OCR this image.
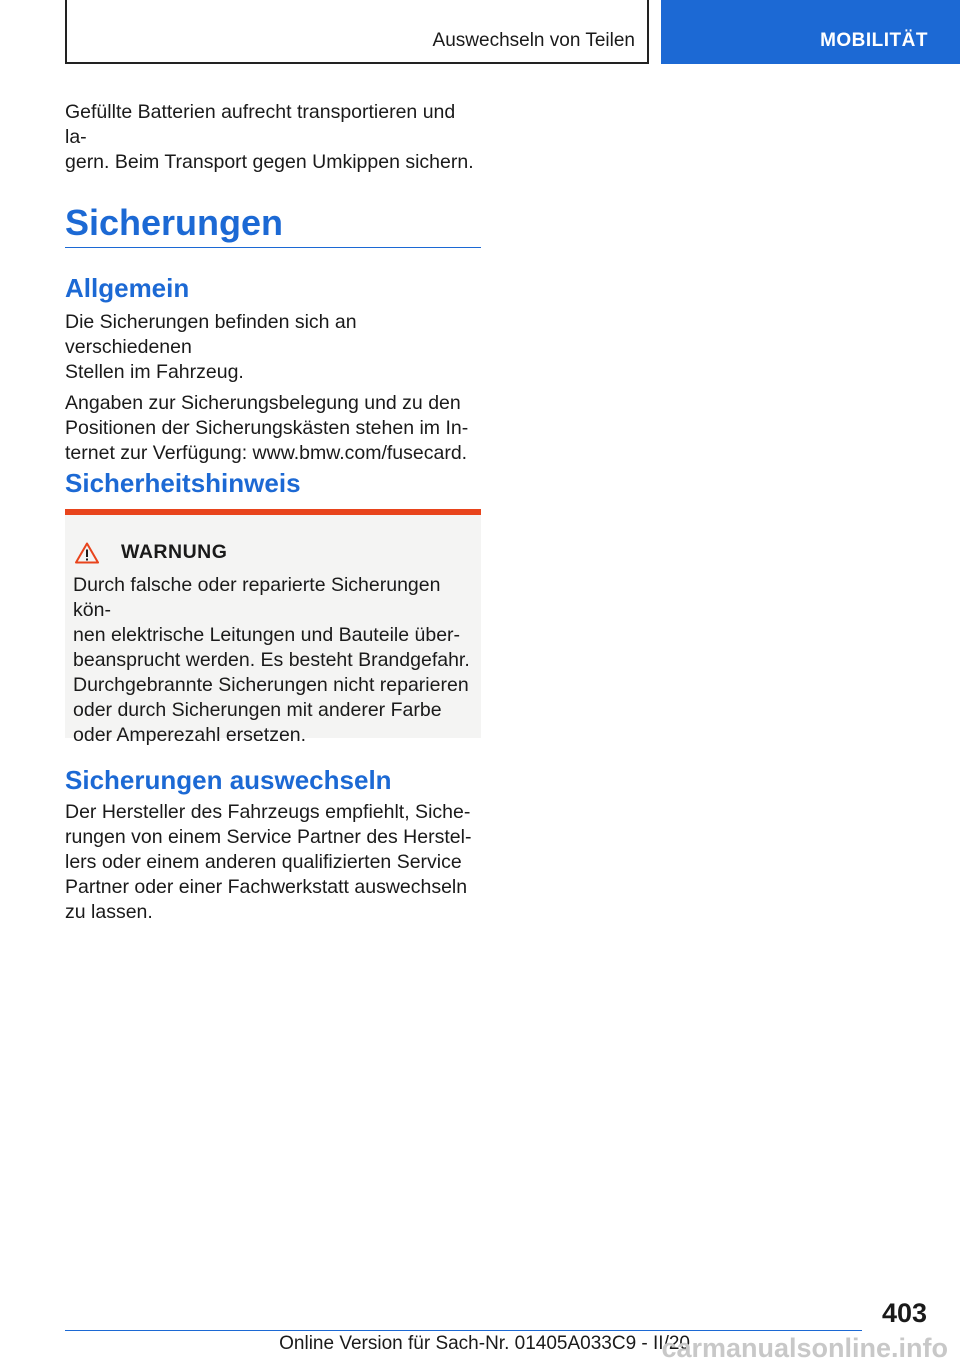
Auswechseln von Teilen	MOBILITÄT

Gefüllte Batterien aufrecht transportieren und la-
gern. Beim Transport gegen Umkippen sichern.

Sicherungen
Allgemein

Die Sicherungen befinden sich an verschiedenen
Stellen im Fahrzeug.

Angaben zur Sicherungsbelegung und zu den
Positionen der Sicherungskästen stehen im In-
ternet zur Verfügung: www.bmw.com/fusecard.

Sicherheitshinweis
WARNUNG

Durch falsche oder reparierte Sicherungen kön-
nen elektrische Leitungen und Bauteile über-
beansprucht werden. Es besteht Brandgefahr.
Durchgebrannte Sicherungen nicht reparieren
oder durch Sicherungen mit anderer Farbe
oder Amperezahl ersetzen.

Sicherungen auswechseln

Der Hersteller des Fahrzeugs empfiehlt, Siche-
rungen von einem Service Partner des Herstel-
lers oder einem anderen qualifizierten Service
Partner oder einer Fachwerkstatt auswechseln
zu lassen.

403
Online Version für Sach-Nr. 01405A033C9 - II/20
carmanualsonline.info
